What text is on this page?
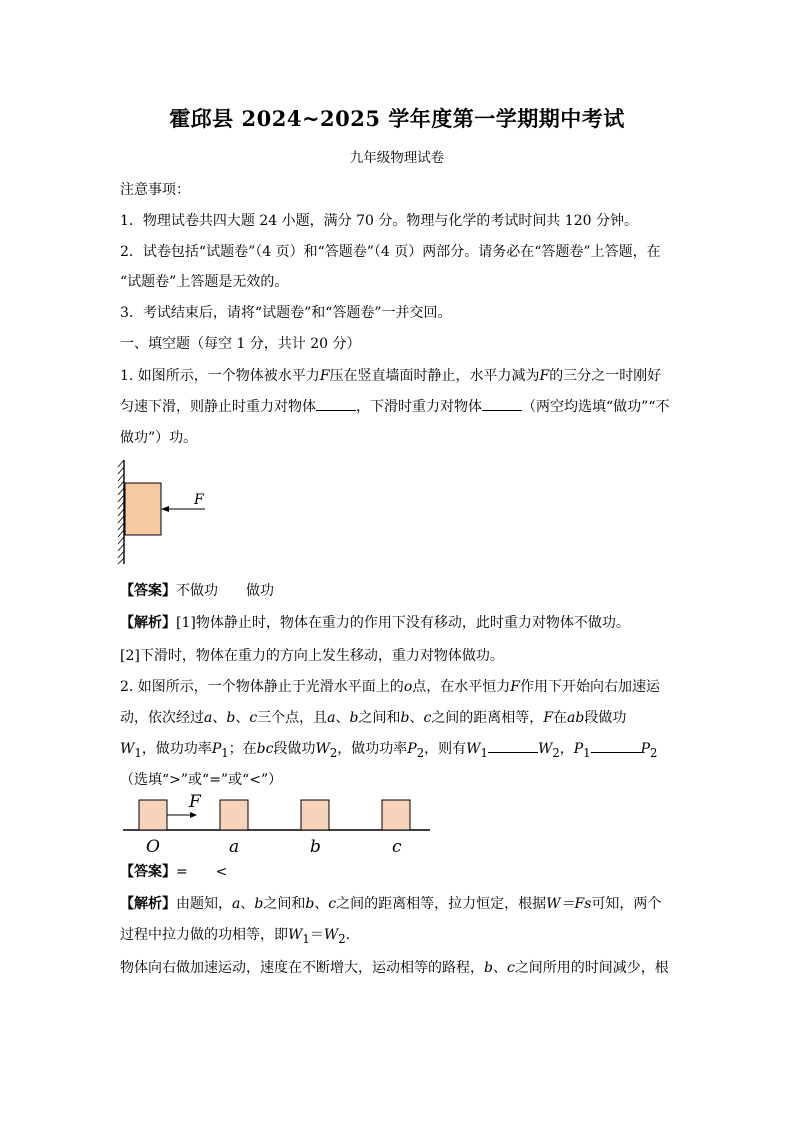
霍邱县 2024~2025 学年度第一学期期中考试
九年级物理试卷
注意事项：
1．物理试卷共四大题 24 小题，满分 70 分。物理与化学的考试时间共 120 分钟。
2．试卷包括“试题卷”（4 页）和“答题卷”（4 页）两部分。请务必在“答题卷”上答题，在
“试题卷”上答题是无效的。
3．考试结束后，请将“试题卷”和“答题卷”一并交回。
一、填空题（每空 1 分，共计 20 分）
1. 如图所示，一个物体被水平力F压在竖直墙面时静止，水平力减为F的三分之一时刚好
匀速下滑，则静止时重力对物体	，下滑时重力对物体	（两空均选填“做功”“不
做功”）功。
F
【答案】不做功　　做功
【解析】[1]物体静止时，物体在重力的作用下没有移动，此时重力对物体不做功。
[2]下滑时，物体在重力的方向上发生移动，重力对物体做功。
2. 如图所示，一个物体静止于光滑水平面上的o点，在水平恒力F作用下开始向右加速运
动，依次经过a、b、c三个点，且a、b之间和b、c之间的距离相等，F在ab段做功
$W_1$，做功功率$P_1$；在bc段做功$W_2$，做功功率$P_2$，则有$W_1$	$W_2$，$P_1$	$P_2$
（选填“>”或“=”或“<”）
F
O	a	b	c
【答案】=　　<
【解析】由题知，a、b之间和b、c之间的距离相等，拉力恒定，根据W＝Fs可知，两个
过程中拉力做的功相等，即$W_1=W_2$.
物体向右做加速运动，速度在不断增大，运动相等的路程，b、c之间所用的时间减少，根
